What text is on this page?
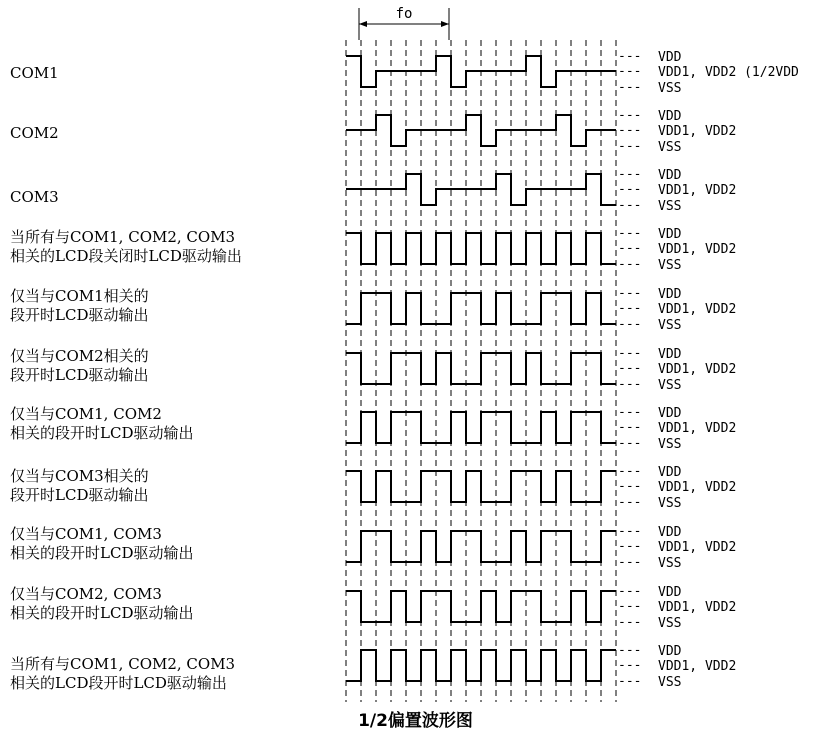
fo
--- VDD
--- VDD1, VDD2 (1/2VDD
--- VSS
--- VDD
--- VDD1, VDD2
--- VSS
--- VDD
--- VDD1, VDD2
--- VSS
--- VDD
--- VDD1, VDD2
--- VSS
--- VDD
--- VDD1, VDD2
--- VSS
--- VDD
--- VDD1, VDD2
--- VSS
--- VDD
--- VDD1, VDD2
--- VSS
--- VDD
--- VDD1, VDD2
--- VSS
--- VDD
--- VDD1, VDD2
--- VSS
--- VDD
--- VDD1, VDD2
--- VSS
--- VDD
--- VDD1, VDD2
--- VSS
COM1
COM2
COM3
当所有与COM1, COM2, COM3
相关的LCD段关闭时LCD驱动输出
仅当与COM1相关的
段开时LCD驱动输出
仅当与COM2相关的
段开时LCD驱动输出
仅当与COM1, COM2
相关的段开时LCD驱动输出
仅当与COM3相关的
段开时LCD驱动输出
仅当与COM1, COM3
相关的段开时LCD驱动输出
仅当与COM2, COM3
相关的段开时LCD驱动输出
当所有与COM1, COM2, COM3
相关的LCD段开时LCD驱动输出
1/2偏置波形图
